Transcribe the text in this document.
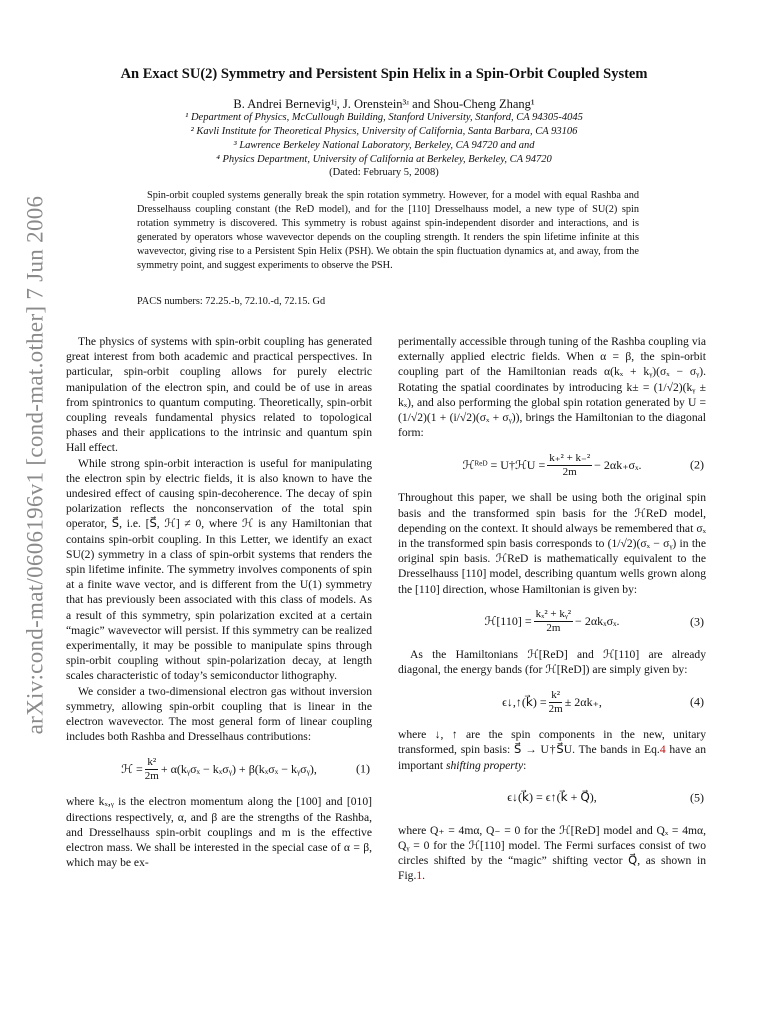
arXiv:cond-mat/0606196v1 [cond-mat.other] 7 Jun 2006
An Exact SU(2) Symmetry and Persistent Spin Helix in a Spin-Orbit Coupled System
B. Andrei Bernevig¹ʲ, J. Orenstein³ʴ and Shou-Cheng Zhang¹
¹ Department of Physics, McCullough Building, Stanford University, Stanford, CA 94305-4045
² Kavli Institute for Theoretical Physics, University of California, Santa Barbara, CA 93106
³ Lawrence Berkeley National Laboratory, Berkeley, CA 94720 and and
⁴ Physics Department, University of California at Berkeley, Berkeley, CA 94720
(Dated: February 5, 2008)
Spin-orbit coupled systems generally break the spin rotation symmetry. However, for a model with equal Rashba and Dresselhauss coupling constant (the ReD model), and for the [110] Dresselhauss model, a new type of SU(2) spin rotation symmetry is discovered. This symmetry is robust against spin-independent disorder and interactions, and is generated by operators whose wavevector depends on the coupling strength. It renders the spin lifetime infinite at this wavevector, giving rise to a Persistent Spin Helix (PSH). We obtain the spin fluctuation dynamics at, and away, from the symmetry point, and suggest experiments to observe the PSH.
PACS numbers: 72.25.-b, 72.10.-d, 72.15. Gd

The physics of systems with spin-orbit coupling has generated great interest from both academic and practical perspectives. In particular, spin-orbit coupling allows for purely electric manipulation of the electron spin, and could be of use in areas from spintronics to quantum computing. Theoretically, spin-orbit coupling reveals fundamental physics related to topological phases and their applications to the intrinsic and quantum spin Hall effect.

While strong spin-orbit interaction is useful for manipulating the electron spin by electric fields, it is also known to have the undesired effect of causing spin-decoherence. The decay of spin polarization reflects the nonconservation of the total spin operator, S⃗, i.e. [S⃗, ℋ] ≠ 0, where ℋ is any Hamiltonian that contains spin-orbit coupling. In this Letter, we identify an exact SU(2) symmetry in a class of spin-orbit systems that renders the spin lifetime infinite. The symmetry involves components of spin at a finite wave vector, and is different from the U(1) symmetry that has previously been associated with this class of models. As a result of this symmetry, spin polarization excited at a certain “magic” wavevector will persist. If this symmetry can be realized experimentally, it may be possible to manipulate spins through spin-orbit coupling without spin-polarization decay, at length scales characteristic of today’s semiconductor lithography.

We consider a two-dimensional electron gas without inversion symmetry, allowing spin-orbit coupling that is linear in the electron wavevector. The most general form of linear coupling includes both Rashba and Dresselhaus contributions:

ℋ = $\frac{\text{k²}}{2m}$ + α(kᵧσₓ − kₓσᵧ) + β(kₓσₓ − kᵧσᵧ),	(1)

where kₓ,ᵧ is the electron momentum along the [100] and [010] directions respectively, α, and β are the strengths of the Rashba, and Dresselhauss spin-orbit couplings and m is the effective electron mass. We shall be interested in the special case of α = β, which may be ex-

perimentally accessible through tuning of the Rashba coupling via externally applied electric fields. When α = β, the spin-orbit coupling part of the Hamiltonian reads α(kₓ + kᵧ)(σₓ − σᵧ). Rotating the spatial coordinates by introducing k± = (1/√2)(kᵧ ± kₓ), and also performing the global spin rotation generated by U = (1/√2)(1 + (i/√2)(σₓ + σᵧ)), brings the Hamiltonian to the diagonal form:

ℋᴿᵉᴰ = U†ℋU = $\frac{\text{k₊² + k₋²}}{2m} - 2\alpha k_+\sigma_x$.	(2)

Throughout this paper, we shall be using both the original spin basis and the transformed spin basis for the ℋReD model, depending on the context. It should always be remembered that σₓ in the transformed spin basis corresponds to (1/√2)(σₓ − σᵧ) in the original spin basis. ℋReD is mathematically equivalent to the Dresselhauss [110] model, describing quantum wells grown along the [110] direction, whose Hamiltonian is given by:

ℋ[110] = $\frac{\text{kₓ² + kᵧ²}}{2m} - 2\alpha k_x\sigma_x$.	(3)

As the Hamiltonians ℋ[ReD] and ℋ[110] are already diagonal, the energy bands (for ℋ[ReD]) are simply given by:

ϵ↓,↑(k⃗) = $\frac{\text{k²}}{2m} \pm 2\alpha k_+$,	(4)

where ↓, ↑ are the spin components in the new, unitary transformed, spin basis: S⃗ → U†S⃗U. The bands in Eq.4 have an important shifting property:

ϵ↓(k⃗) = ϵ↑(k⃗ + Q⃗),	(5)

where Q₊ = 4mα, Q₋ = 0 for the ℋ[ReD] model and Qₓ = 4mα, Qᵧ = 0 for the ℋ[110] model. The Fermi surfaces consist of two circles shifted by the “magic” shifting vector Q⃗, as shown in Fig.1.
